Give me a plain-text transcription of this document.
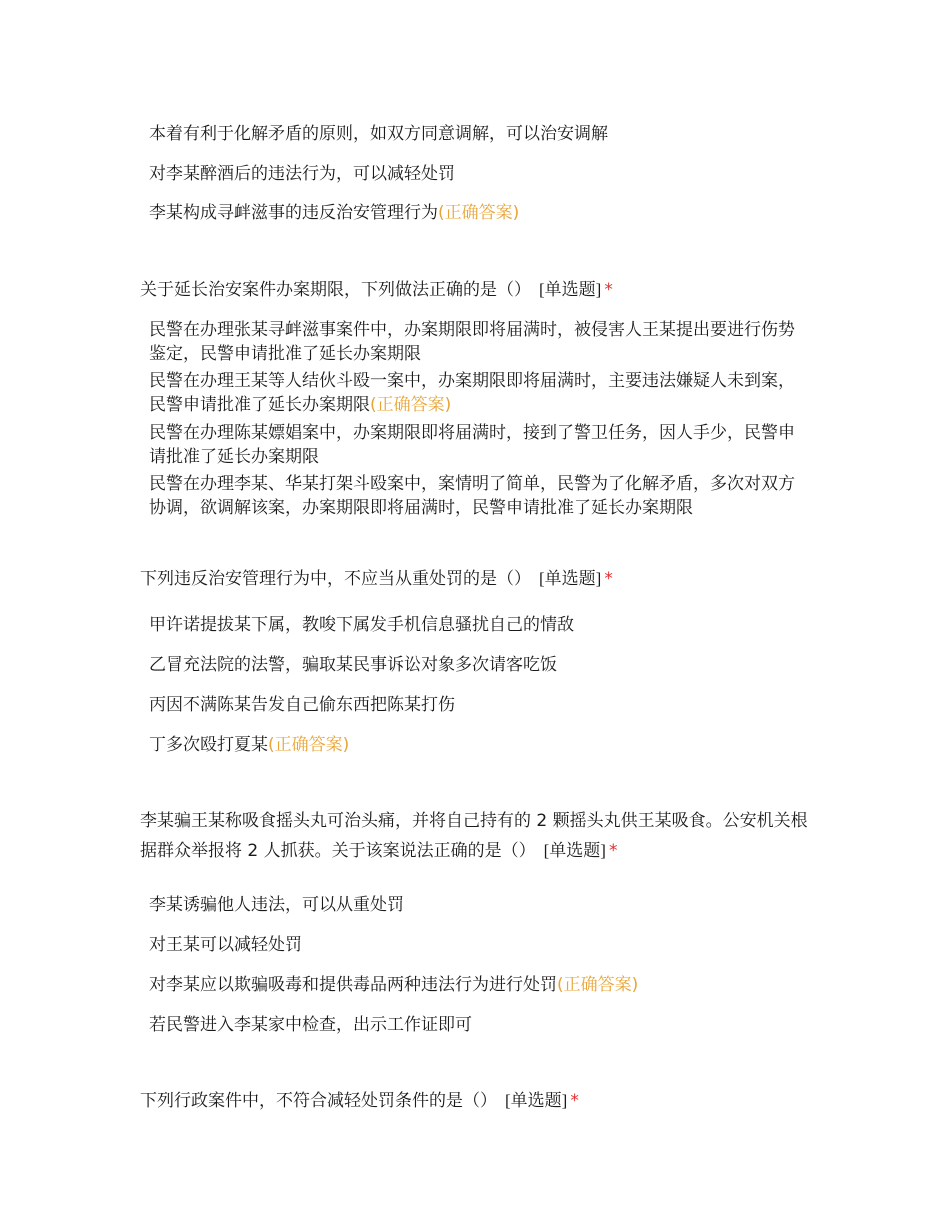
本着有利于化解矛盾的原则，如双方同意调解，可以治安调解
对李某醉酒后的违法行为，可以减轻处罚
李某构成寻衅滋事的违反治安管理行为(正确答案)
关于延长治安案件办案期限，下列做法正确的是（） [单选题] *
民警在办理张某寻衅滋事案件中，办案期限即将届满时，被侵害人王某提出要进行伤势鉴定，民警申请批准了延长办案期限
民警在办理王某等人结伙斗殴一案中，办案期限即将届满时，主要违法嫌疑人未到案，民警申请批准了延长办案期限(正确答案)
民警在办理陈某嫖娼案中，办案期限即将届满时，接到了警卫任务，因人手少，民警申请批准了延长办案期限
民警在办理李某、华某打架斗殴案中，案情明了简单，民警为了化解矛盾，多次对双方协调，欲调解该案，办案期限即将届满时，民警申请批准了延长办案期限
下列违反治安管理行为中，不应当从重处罚的是（） [单选题] *
甲许诺提拔某下属，教唆下属发手机信息骚扰自己的情敌
乙冒充法院的法警，骗取某民事诉讼对象多次请客吃饭
丙因不满陈某告发自己偷东西把陈某打伤
丁多次殴打夏某(正确答案)
李某骗王某称吸食摇头丸可治头痛，并将自己持有的 2 颗摇头丸供王某吸食。公安机关根据群众举报将 2 人抓获。关于该案说法正确的是（） [单选题] *
李某诱骗他人违法，可以从重处罚
对王某可以减轻处罚
对李某应以欺骗吸毒和提供毒品两种违法行为进行处罚(正确答案)
若民警进入李某家中检查，出示工作证即可
下列行政案件中，不符合减轻处罚条件的是（） [单选题] *
